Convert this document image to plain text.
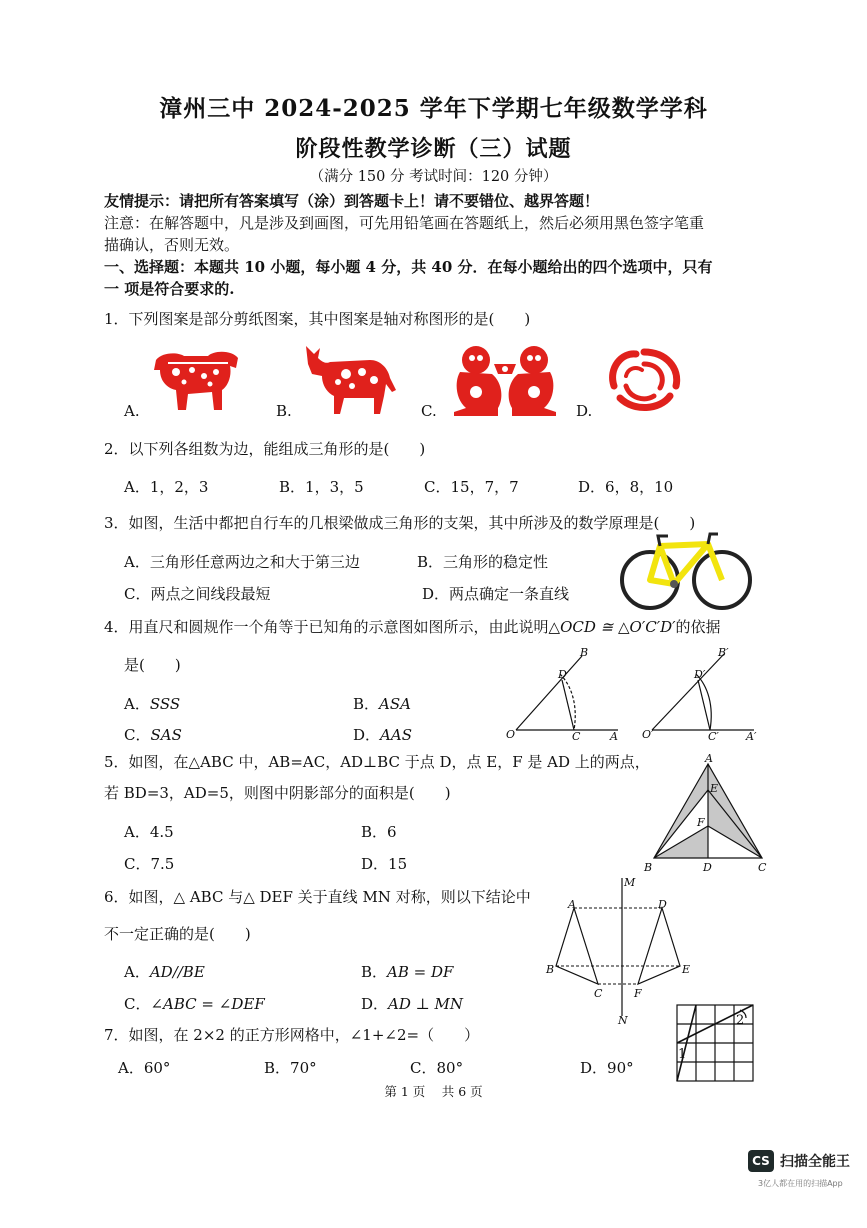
漳州三中 2024-2025 学年下学期七年级数学学科
阶段性教学诊断（三）试题
（满分 150 分 考试时间：120 分钟）
友情提示：请把所有答案填写（涂）到答题卡上！请不要错位、越界答题！
注意：在解答题中，凡是涉及到画图，可先用铅笔画在答题纸上，然后必须用黑色签字笔重
描确认，否则无效。
一、选择题：本题共 10 小题，每小题 4 分，共 40 分．在每小题给出的四个选项中，只有
一 项是符合要求的.
1．下列图案是部分剪纸图案，其中图案是轴对称图形的是(　　)
A.	B.	C.	D.
2．以下列各组数为边，能组成三角形的是(　　)
A．1，2，3	B．1，3，5	C．15，7，7	D．6，8，10
3．如图，生活中都把自行车的几根梁做成三角形的支架，其中所涉及的数学原理是(　　)
A．三角形任意两边之和大于第三边	B．三角形的稳定性
C．两点之间线段最短	D．两点确定一条直线
4．用直尺和圆规作一个角等于已知角的示意图如图所示，由此说明△OCD ≅ △O′C′D′的依据
是(　　)
A．SSS	B．ASA
C．SAS	D．AAS
B
D
O	C	A
B′
D′
O′	C′ A′
5．如图，在△ABC 中，AB=AC，AD⊥BC 于点 D，点 E，F 是 AD 上的两点，
若 BD=3，AD=5，则图中阴影部分的面积是(　　)
A．4.5	B．6
C．7.5	D．15
A
E
F
B	D	C
6．如图，△ ABC 与△ DEF 关于直线 MN 对称，则以下结论中
不一定正确的是(　　)
A．AD//BE	B．AB = DF
C．∠ABC = ∠DEF	D．AD ⊥ MN
M
A	D
B	E
C	F
N
7．如图，在 2×2 的正方形网格中，∠1+∠2=（　　）
A．60°	B．70°	C．80°	D．90°
1
2
第 1 页　 共 6 页
CS 扫描全能王
3亿人都在用的扫描App
